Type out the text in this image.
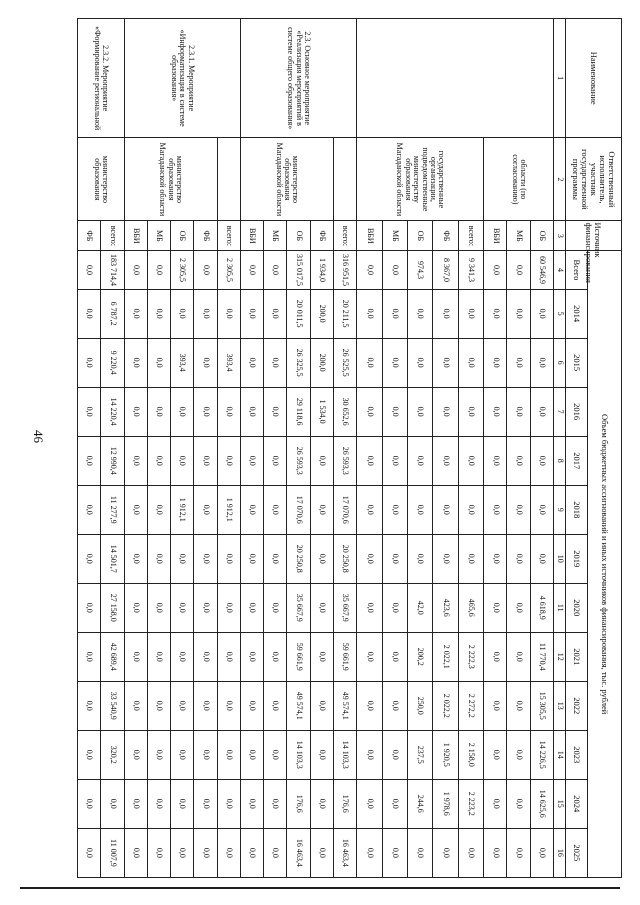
46
Наименование	Ответственный исполнитель, участник государственной программы	Источник финансирования	Объем бюджетных ассигнований и иных источников финансирования, тыс. рублей												
			Всего	2014	2015	2016	2017	2018	2019	2020	2021	2022	2023	2024	2025
1	2	3	4	5	6	7	8	9	10	11	12	13	14	15	16
	области (по согласованию)	ОБ	60 546,9	0,0	0,0	0,0	0,0	0,0	0,0	4 618,9	11 770,4	15 305,5	14 226,5	14 625,6	0,0
		МБ	0,0	0,0	0,0	0,0	0,0	0,0	0,0	0,0	0,0	0,0	0,0	0,0	0,0
		ВБИ	0,0	0,0	0,0	0,0	0,0	0,0	0,0	0,0	0,0	0,0	0,0	0,0	0,0
	государственные организации, подведомственные министерству образования Магаданской области	всего:	9 341,3	0,0	0,0	0,0	0,0	0,0	0,0	465,6	2 222,3	2 272,2	2 158,0	2 223,2	0,0
		ФБ	8 367,0	0,0	0,0	0,0	0,0	0,0	0,0	423,6	2 022,1	2 022,2	1 920,5	1 978,6	0,0
		ОБ	974,3	0,0	0,0	0,0	0,0	0,0	0,0	42,0	200,2	250,0	237,5	244,6	0,0
		МБ	0,0	0,0	0,0	0,0	0,0	0,0	0,0	0,0	0,0	0,0	0,0	0,0	0,0
		ВБИ	0,0	0,0	0,0	0,0	0,0	0,0	0,0	0,0	0,0	0,0	0,0	0,0	0,0
2.3. Основное мероприятие «Реализация мероприятий в системе общего образования»		всего:	316 951,5	20 211,5	26 525,5	30 652,6	26 593,3	17 070,6	20 250,8	35 667,9	59 661,9	49 574,1	14 103,3	176,6	16 463,4
	министерство образования Магаданской области	ФБ	1 934,0	200,0	200,0	1 534,0	0,0	0,0	0,0	0,0	0,0	0,0	0,0	0,0	0,0
		ОБ	315 017,5	20 011,5	26 325,5	29 118,6	26 593,3	17 070,6	20 250,8	35 667,9	59 661,9	49 574,1	14 103,3	176,6	16 463,4
		МБ	0,0	0,0	0,0	0,0	0,0	0,0	0,0	0,0	0,0	0,0	0,0	0,0	0,0
		ВБИ	0,0	0,0	0,0	0,0	0,0	0,0	0,0	0,0	0,0	0,0	0,0	0,0	0,0
2.3.1. Мероприятие «Информатизация в системе образования»		всего:	2 305,5	0,0	393,4	0,0	0,0	1 912,1	0,0	0,0	0,0	0,0	0,0	0,0	0,0
	министерство образования Магаданской области	ФБ	0,0	0,0	0,0	0,0	0,0	0,0	0,0	0,0	0,0	0,0	0,0	0,0	0,0
		ОБ	2 305,5	0,0	393,4	0,0	0,0	1 912,1	0,0	0,0	0,0	0,0	0,0	0,0	0,0
		МБ	0,0	0,0	0,0	0,0	0,0	0,0	0,0	0,0	0,0	0,0	0,0	0,0	0,0
		ВБИ	0,0	0,0	0,0	0,0	0,0	0,0	0,0	0,0	0,0	0,0	0,0	0,0	0,0
2.3.2. Мероприятие «Формирование региональной	министерство образования	всего:	183 714,4	6 787,2	9 220,4	14 220,4	12 990,4	11 277,9	14 501,7	27 158,0	42 689,4	33 540,9	320,2	0,0	11 007,9
		ФБ	0,0	0,0	0,0	0,0	0,0	0,0	0,0	0,0	0,0	0,0	0,0	0,0	0,0
